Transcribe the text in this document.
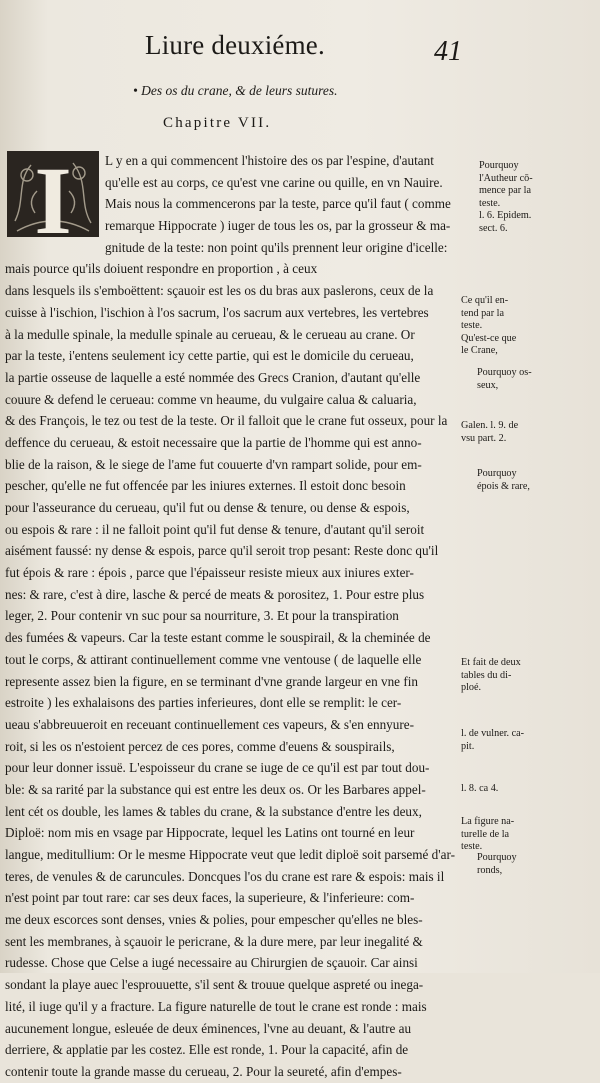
Liure deuxiéme.	41
• Des os du crane, & de leurs sutures.
Chapitre VII.
I	L y en a qui commencent l'histoire des os par l'espine, d'autant
qu'elle est au corps, ce qu'est vne carine ou quille, en vn Nauire.
Mais nous la commencerons par la teste, parce qu'il faut ( comme
remarque Hippocrate ) iuger de tous les os, par la grosseur & ma-
gnitude de la teste: non point qu'ils prennent leur origine d'icelle:
mais pource qu'ils doiuent respondre en proportion , à ceux
dans lesquels ils s'emboëttent: sçauoir est les os du bras aux paslerons, ceux de la
cuisse à l'ischion, l'ischion à l'os sacrum, l'os sacrum aux vertebres, les vertebres
à la medulle spinale, la medulle spinale au cerueau, & le cerueau au crane. Or
par la teste, i'entens seulement icy cette partie, qui est le domicile du cerueau,
la partie osseuse de laquelle a esté nommée des Grecs Cranion, d'autant qu'elle
couure & defend le cerueau: comme vn heaume, du vulgaire calua & caluaria,
& des François, le tez ou test de la teste. Or il falloit que le crane fut osseux, pour la
deffence du cerueau, & estoit necessaire que la partie de l'homme qui est anno-
blie de la raison, & le siege de l'ame fut couuerte d'vn rampart solide, pour em-
pescher, qu'elle ne fut offencée par les iniures externes. Il estoit donc besoin
pour l'asseurance du cerueau, qu'il fut ou dense & tenure, ou dense & espois,
ou espois & rare : il ne falloit point qu'il fut dense & tenure, d'autant qu'il seroit
aisément faussé: ny dense & espois, parce qu'il seroit trop pesant: Reste donc qu'il
fut épois & rare : épois , parce que l'épaisseur resiste mieux aux iniures exter-
nes: & rare, c'est à dire, lasche & percé de meats & porositez, 1. Pour estre plus
leger, 2. Pour contenir vn suc pour sa nourriture, 3. Et pour la transpiration
des fumées & vapeurs. Car la teste estant comme le souspirail, & la cheminée de
tout le corps, & attirant continuellement comme vne ventouse ( de laquelle elle
represente assez bien la figure, en se terminant d'vne grande largeur en vne fin
estroite ) les exhalaisons des parties inferieures, dont elle se remplit: le cer-
ueau s'abbreuueroit en receuant continuellement ces vapeurs, & s'en ennyure-
roit, si les os n'estoient percez de ces pores, comme d'euens & souspirails,
pour leur donner issuë. L'espoisseur du crane se iuge de ce qu'il est par tout dou-
ble: & sa rarité par la substance qui est entre les deux os. Or les Barbares appel-
lent cét os double, les lames & tables du crane, & la substance d'entre les deux,
Diploë: nom mis en vsage par Hippocrate, lequel les Latins ont tourné en leur
langue, meditullium: Or le mesme Hippocrate veut que ledit diploë soit parsemé d'ar-
teres, de venules & de caruncules. Doncques l'os du crane est rare & espois: mais il
n'est point par tout rare: car ses deux faces, la superieure, & l'inferieure: com-
me deux escorces sont denses, vnies & polies, pour empescher qu'elles ne bles-
sent les membranes, à sçauoir le pericrane, & la dure mere, par leur inegalité &
rudesse. Chose que Celse a iugé necessaire au Chirurgien de sçauoir. Car ainsi
sondant la playe auec l'esprouuette, s'il sent & trouue quelque aspreté ou inega-
lité, il iuge qu'il y a fracture. La figure naturelle de tout le crane est ronde : mais
aucunement longue, esleuée de deux éminences, l'vne au deuant, & l'autre au
derriere, & applatie par les costez. Elle est ronde, 1. Pour la capacité, afin de
contenir toute la grande masse du cerueau, 2. Pour la seureté, afin d'empes-
Pourquoy
l'Autheur cō-
mence par la
teste.
l. 6. Epidem.
sect. 6.
Ce qu'il en-
tend par la
teste.
Qu'est-ce que
le Crane,
Pourquoy os-
seux,
Galen. l. 9. de
vsu part. 2.
Pourquoy
épois & rare,
Et fait de deux
tables du di-
ploé.
l. de vulner. ca-
pit.
l. 8. ca 4.
La figure na-
turelle de la
teste.
Pourquoy
ronds,
